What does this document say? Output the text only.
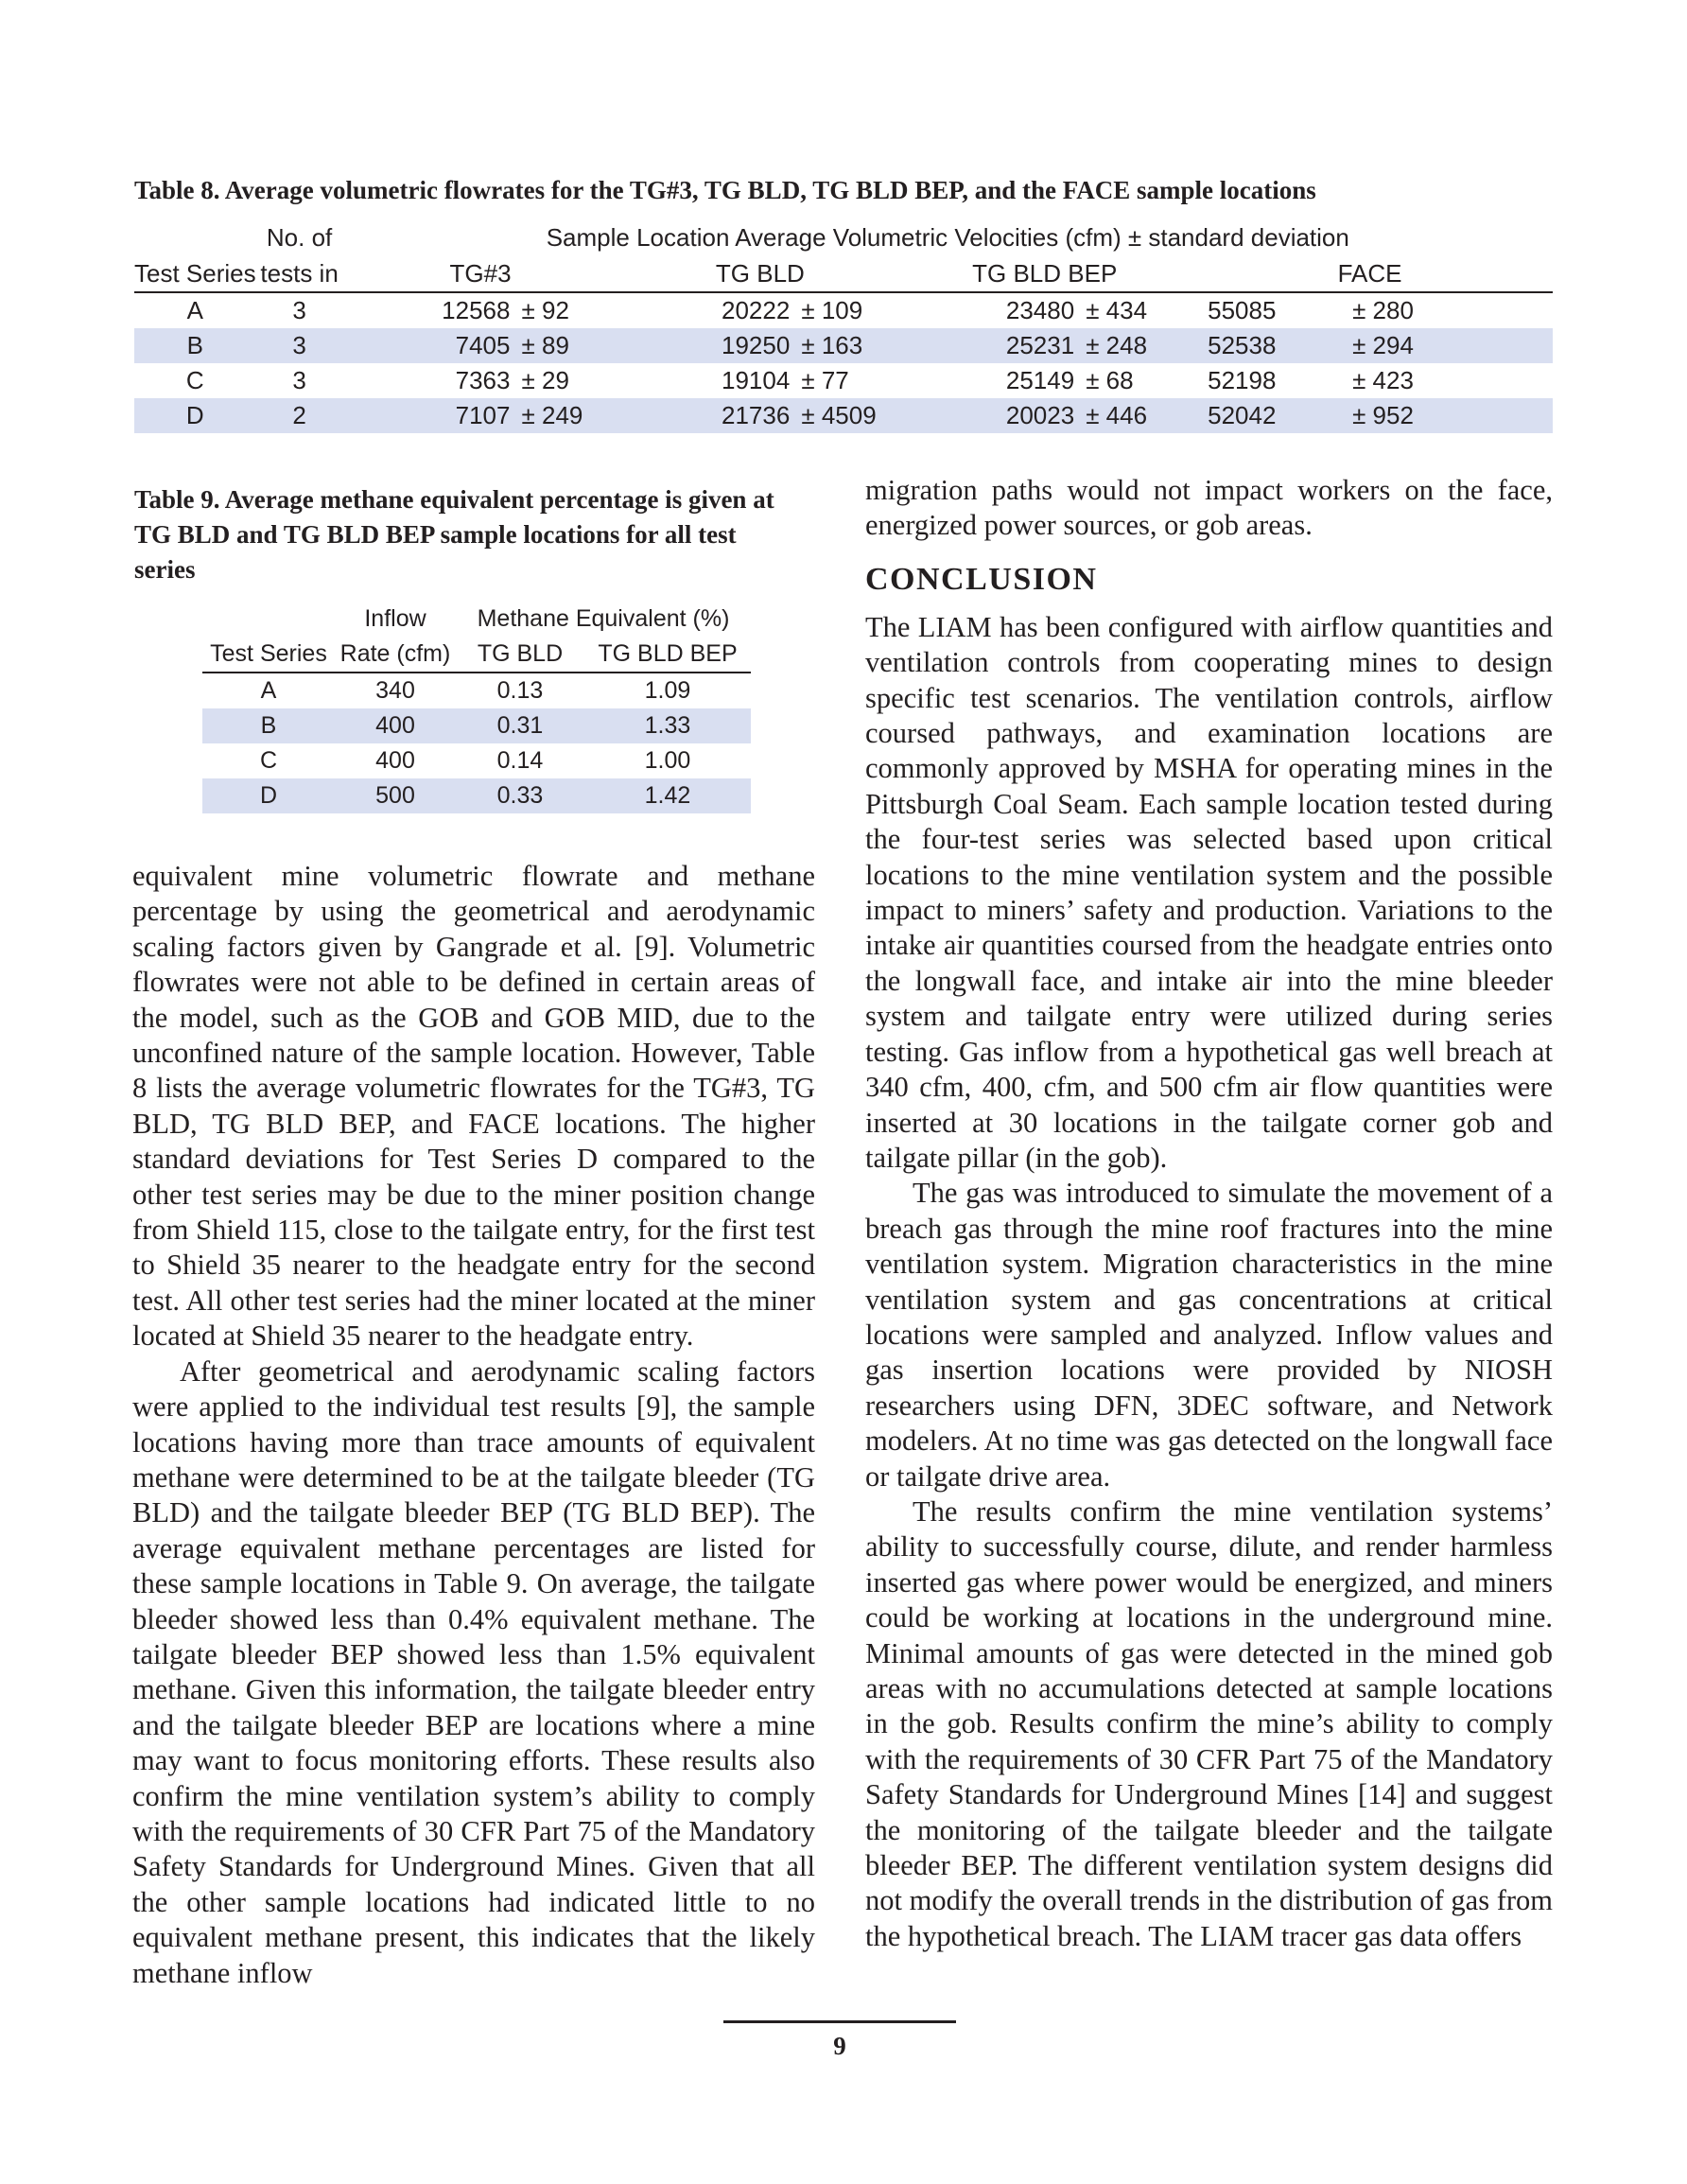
Table 8. Average volumetric flowrates for the TG#3, TG BLD, TG BLD BEP, and the FACE sample locations
	No. of	Sample Location Average Volumetric Velocities (cfm) ± standard deviation							
Test Series	tests in	TG#3		TG BLD		TG BLD BEP		FACE	
A	3	12568	± 92	20222	± 109	23480	± 434	55085	± 280
B	3	7405	± 89	19250	± 163	25231	± 248	52538	± 294
C	3	7363	± 29	19104	± 77	25149	± 68	52198	± 423
D	2	7107	± 249	21736	± 4509	20023	± 446	52042	± 952
Table 9. Average methane equivalent percentage is given at TG BLD and TG BLD BEP sample locations for all test series
	Inflow	Methane Equivalent (%)	
Test Series	Rate (cfm)	TG BLD	TG BLD BEP
A	340	0.13	1.09
B	400	0.31	1.33
C	400	0.14	1.00
D	500	0.33	1.42

equivalent mine volumetric flowrate and methane percentage by using the geometrical and aerodynamic scaling factors given by Gangrade et al. [9]. Volumetric flowrates were not able to be defined in certain areas of the model, such as the GOB and GOB MID, due to the unconfined nature of the sample location. However, Table 8 lists the average volumetric flowrates for the TG#3, TG BLD, TG BLD BEP, and FACE locations. The higher standard deviations for Test Series D compared to the other test series may be due to the miner position change from Shield 115, close to the tailgate entry, for the first test to Shield 35 nearer to the headgate entry for the second test. All other test series had the miner located at the miner located at Shield 35 nearer to the headgate entry.

After geometrical and aerodynamic scaling factors were applied to the individual test results [9], the sample locations having more than trace amounts of equivalent methane were determined to be at the tailgate bleeder (TG BLD) and the tailgate bleeder BEP (TG BLD BEP). The average equivalent methane percentages are listed for these sample locations in Table 9. On average, the tailgate bleeder showed less than 0.4% equivalent methane. The tailgate bleeder BEP showed less than 1.5% equivalent methane. Given this information, the tailgate bleeder entry and the tailgate bleeder BEP are locations where a mine may want to focus monitoring efforts. These results also confirm the mine ventilation system’s ability to comply with the requirements of 30 CFR Part 75 of the Mandatory Safety Standards for Underground Mines. Given that all the other sample locations had indicated little to no equivalent methane present, this indicates that the likely methane inflow

migration paths would not impact workers on the face, energized power sources, or gob areas.

CONCLUSION

The LIAM has been configured with airflow quantities and ventilation controls from cooperating mines to design specific test scenarios. The ventilation controls, airflow coursed pathways, and examination locations are commonly approved by MSHA for operating mines in the Pittsburgh Coal Seam. Each sample location tested during the four-test series was selected based upon critical locations to the mine ventilation system and the possible impact to miners’ safety and production. Variations to the intake air quantities coursed from the headgate entries onto the longwall face, and intake air into the mine bleeder system and tailgate entry were utilized during series testing. Gas inflow from a hypothetical gas well breach at 340 cfm, 400, cfm, and 500 cfm air flow quantities were inserted at 30 locations in the tailgate corner gob and tailgate pillar (in the gob).

The gas was introduced to simulate the movement of a breach gas through the mine roof fractures into the mine ventilation system. Migration characteristics in the mine ventilation system and gas concentrations at critical locations were sampled and analyzed. Inflow values and gas insertion locations were provided by NIOSH researchers using DFN, 3DEC software, and Network modelers. At no time was gas detected on the longwall face or tailgate drive area.

The results confirm the mine ventilation systems’ ability to successfully course, dilute, and render harmless inserted gas where power would be energized, and miners could be working at locations in the underground mine. Minimal amounts of gas were detected in the mined gob areas with no accumulations detected at sample locations in the gob. Results confirm the mine’s ability to comply with the requirements of 30 CFR Part 75 of the Mandatory Safety Standards for Underground Mines [14] and suggest the monitoring of the tailgate bleeder and the tailgate bleeder BEP. The different ventilation system designs did not modify the overall trends in the distribution of gas from the hypothetical breach. The LIAM tracer gas data offers

9
